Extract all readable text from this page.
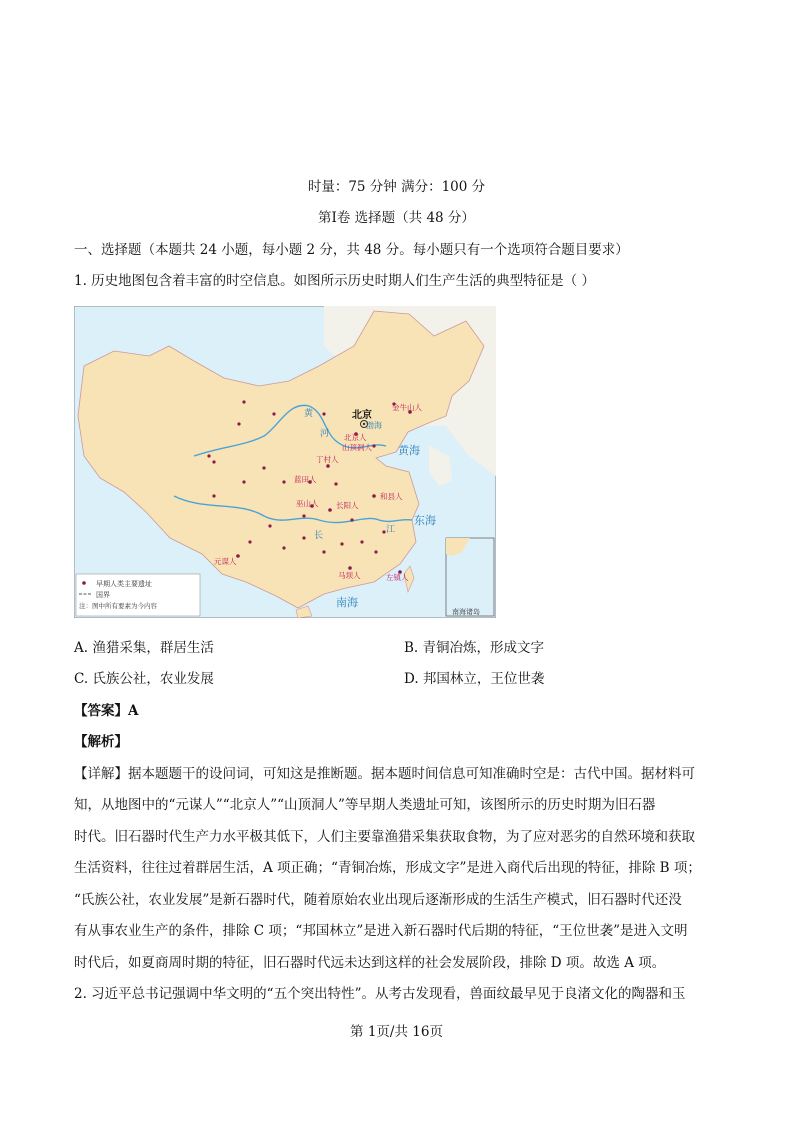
时量：75 分钟 满分：100 分
第Ⅰ卷 选择题（共 48 分）
一、选择题（本题共 24 小题，每小题 2 分，共 48 分。每小题只有一个选项符合题目要求）
1. 历史地图包含着丰富的时空信息。如图所示历史时期人们生产生活的典型特征是（ ）
南海诸岛
渤海
黄海
东海
南海
黄
河
长
江
北京
金牛山人
北京人
山顶洞人
丁村人
蓝田人
巫山人 长阳人
和县人
元谋人
马坝人	左镇人
早期人类主要遗址
国界
注：图中所有要素为今内容
A. 渔猎采集，群居生活	B. 青铜冶炼，形成文字
C. 氏族公社，农业发展	D. 邦国林立，王位世袭
【答案】A
【解析】
【详解】据本题题干的设问词，可知这是推断题。据本题时间信息可知准确时空是：古代中国。据材料可
知，从地图中的“元谋人”“北京人”“山顶洞人”等早期人类遗址可知，该图所示的历史时期为旧石器
时代。旧石器时代生产力水平极其低下，人们主要靠渔猎采集获取食物，为了应对恶劣的自然环境和获取
生活资料，往往过着群居生活，A 项正确；“青铜冶炼，形成文字”是进入商代后出现的特征，排除 B 项；
“氏族公社，农业发展”是新石器时代，随着原始农业出现后逐渐形成的生活生产模式，旧石器时代还没
有从事农业生产的条件，排除 C 项；“邦国林立”是进入新石器时代后期的特征，“王位世袭”是进入文明
时代后，如夏商周时期的特征，旧石器时代远未达到这样的社会发展阶段，排除 D 项。故选 A 项。
2. 习近平总书记强调中华文明的“五个突出特性”。从考古发现看，兽面纹最早见于良渚文化的陶器和玉
第 1页/共 16页
